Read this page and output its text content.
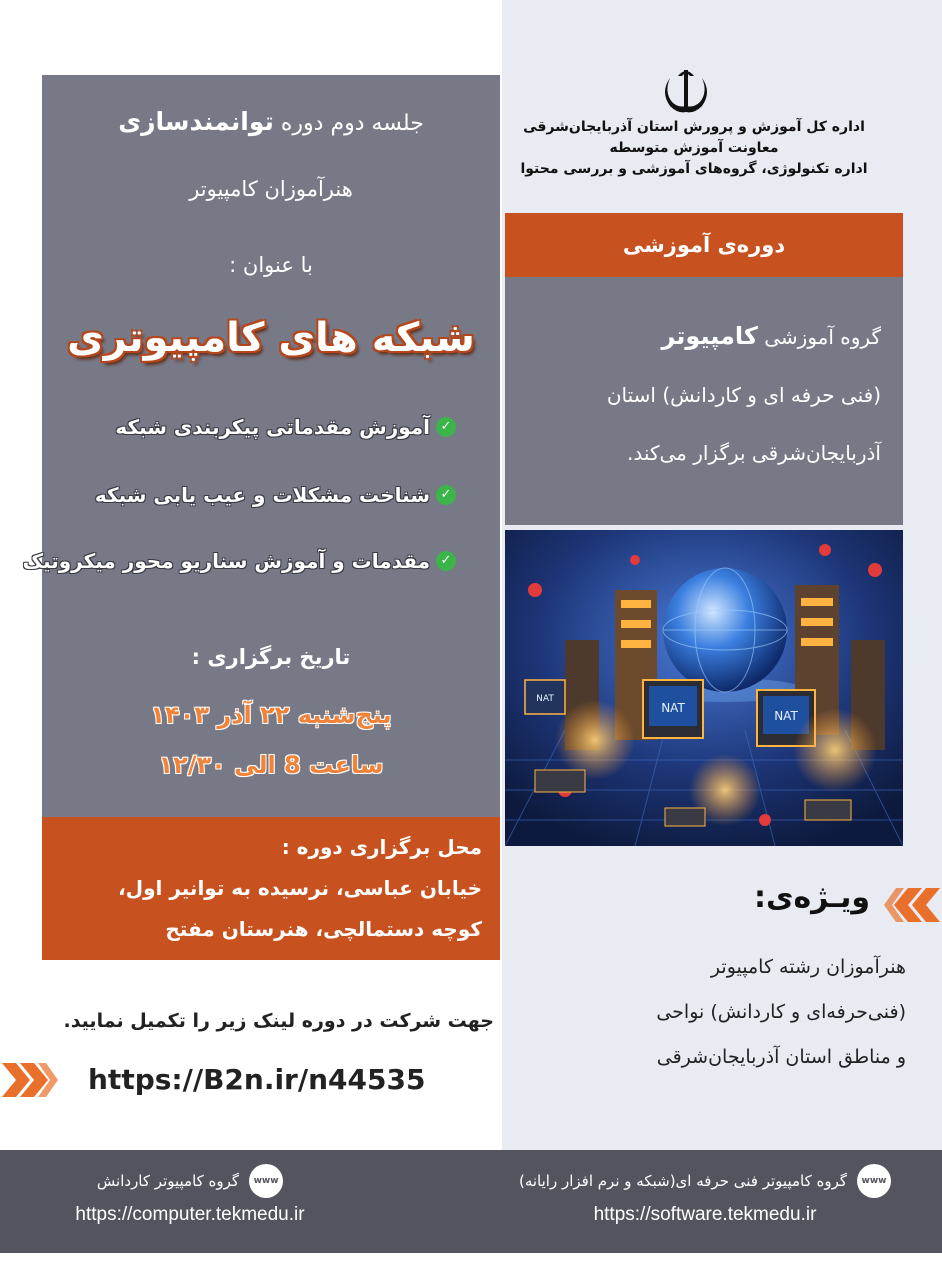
جلسه دوم دوره توانمندسازی
هنرآموزان کامپیوتر
با عنوان :
شبکه های کامپیوتری
✓
آموزش مقدماتی پیکربندی شبکه
✓
شناخت مشکلات و عیب یابی شبکه
✓
مقدمات و آموزش سناریو محور میکروتیک
تاریخ برگزاری :
پنج‌شنبه ۲۲ آذر ۱۴۰۳
ساعت 8 الی ۱۲/۳۰
محل برگزاری دوره :
خیابان عباسی، نرسیده به توانیر اول،
کوچه دستمالچی، هنرستان مفتح
جهت شرکت در دوره لینک زیر را تکمیل نمایید.
https://B2n.ir/n44535
اداره کل آموزش و پرورش استان آذربایجان‌شرقی
معاونت آموزش متوسطه
اداره تکنولوژی، گروه‌های آموزشی و بررسی محتوا
دوره‌ی آموزشی
گروه آموزشی کامپیوتر
(فنی حرفه ای و کاردانش) استان
آذربایجان‌شرقی برگزار می‌کند.
NAT
NAT
NAT
ویـژه‌ی:
هنرآموزان رشته کامپیوتر
(فنی‌حرفه‌ای و کاردانش) نواحی
و مناطق استان آذربایجان‌شرقی
www
گروه کامپیوتر فنی حرفه ای(شبکه و نرم افزار رایانه)
https://software.tekmedu.ir
www
گروه کامپیوتر کاردانش
https://computer.tekmedu.ir
